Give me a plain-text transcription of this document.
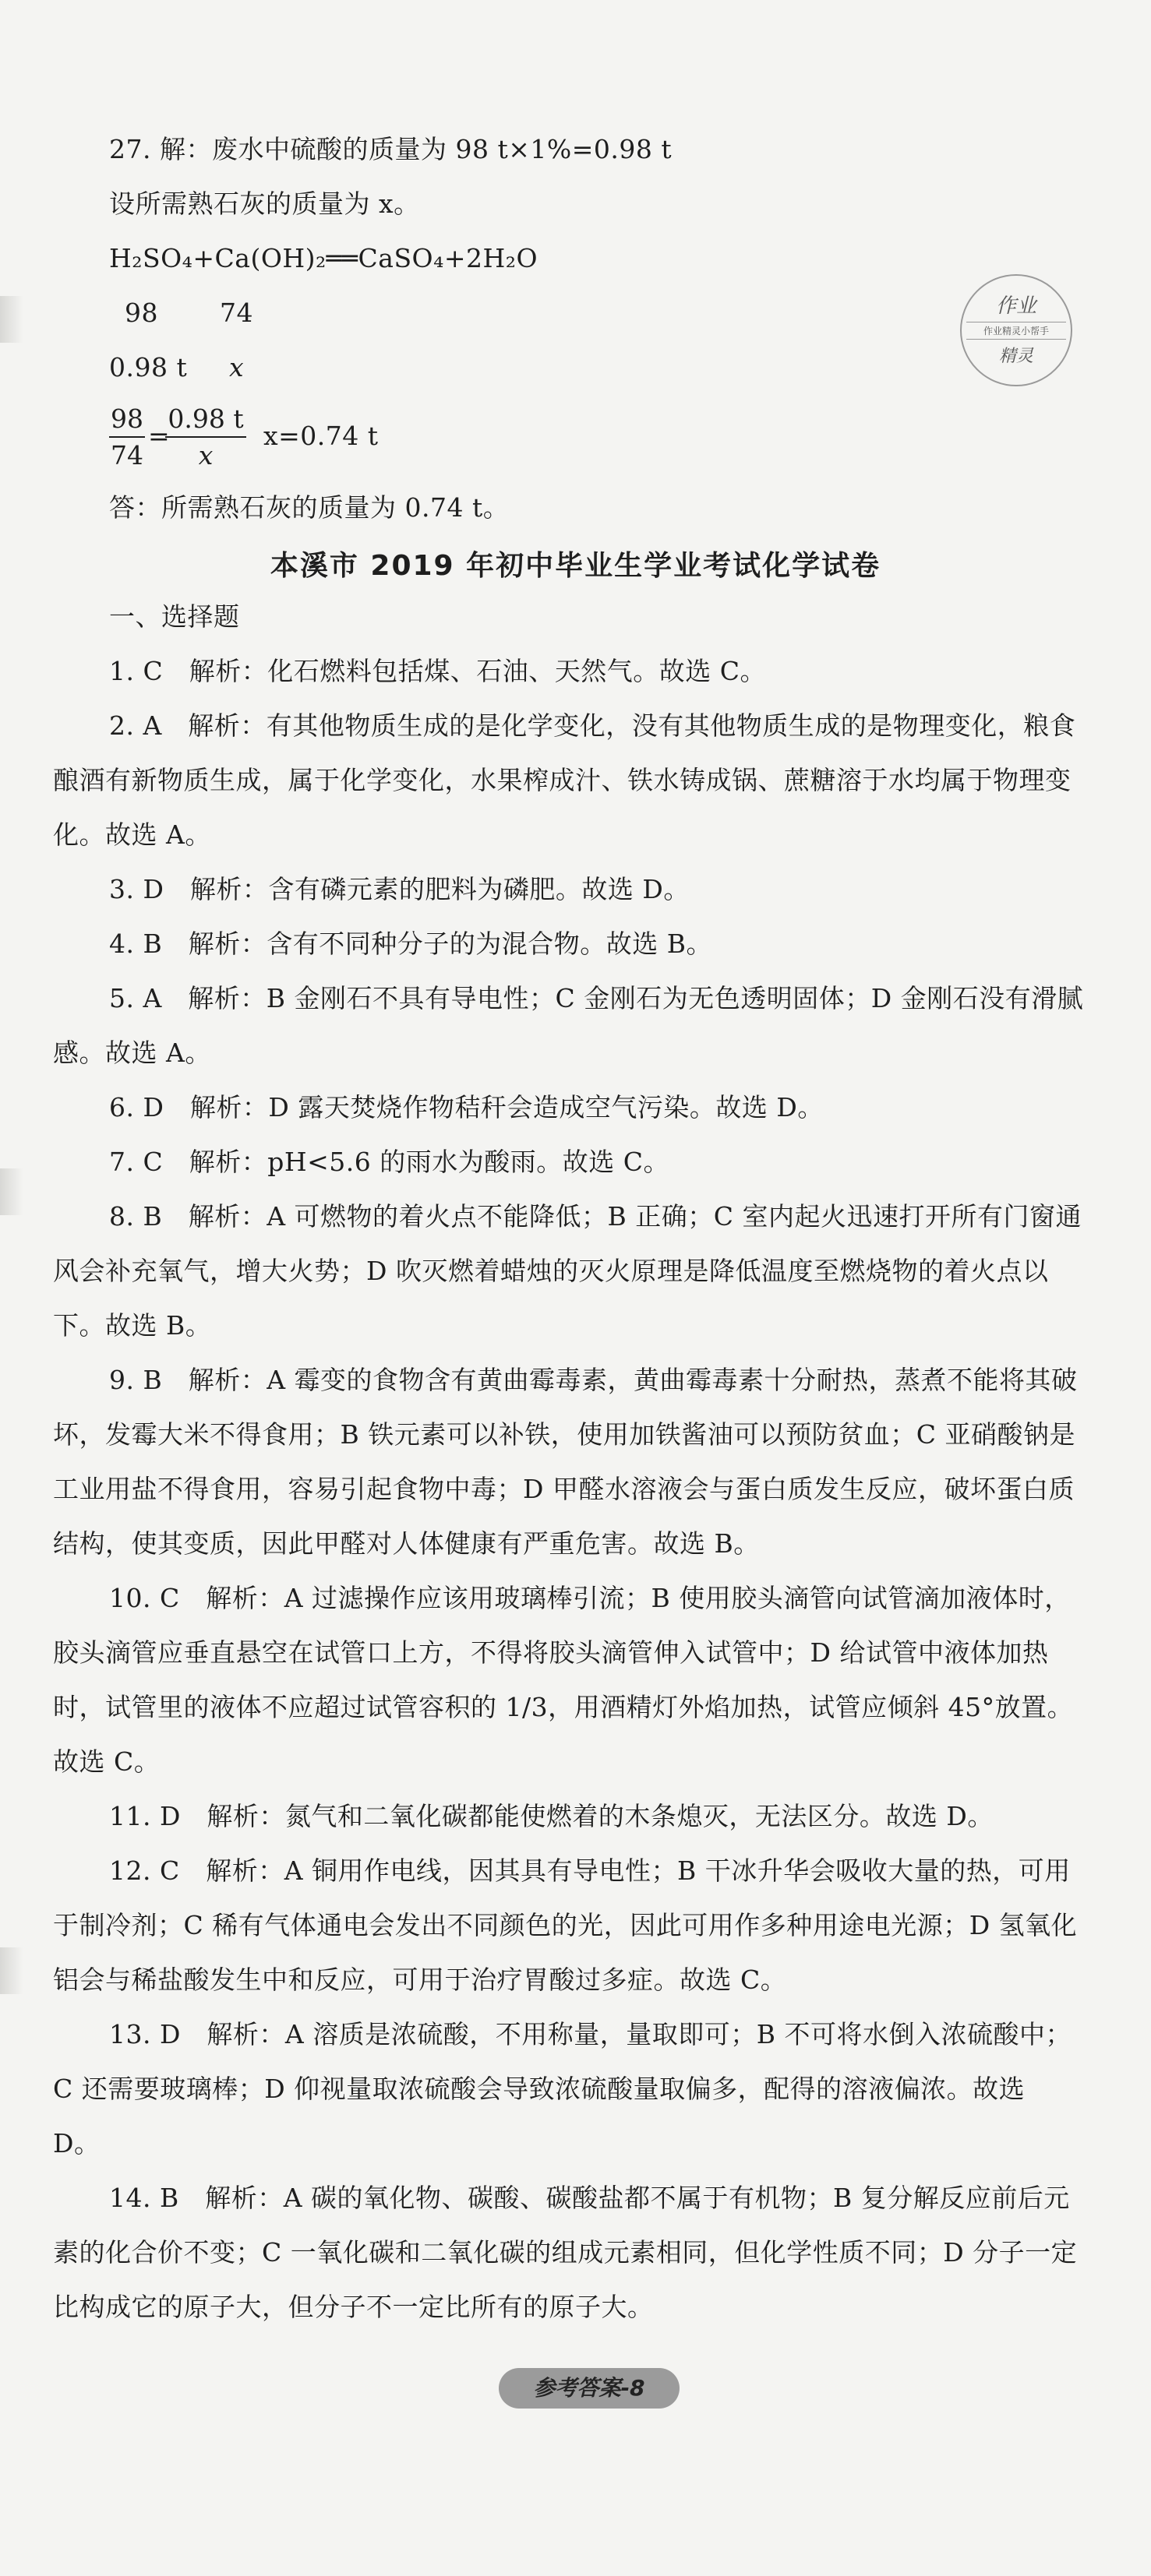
27. 解：废水中硫酸的质量为 98 t×1%=0.98 t
设所需熟石灰的质量为 x。
H₂SO₄+Ca(OH)₂══CaSO₄+2H₂O
98 74
0.98 t x
98
74
=
0.98 t
x
x=0.74 t
答：所需熟石灰的质量为 0.74 t。
作业
作业精灵小帮手
精灵
本溪市 2019 年初中毕业生学业考试化学试卷
一、选择题
1. C　解析：化石燃料包括煤、石油、天然气。故选 C。
2. A　解析：有其他物质生成的是化学变化，没有其他物质生成的是物理变化，粮食
酿酒有新物质生成，属于化学变化，水果榨成汁、铁水铸成锅、蔗糖溶于水均属于物理变
化。故选 A。
3. D　解析：含有磷元素的肥料为磷肥。故选 D。
4. B　解析：含有不同种分子的为混合物。故选 B。
5. A　解析：B 金刚石不具有导电性；C 金刚石为无色透明固体；D 金刚石没有滑腻
感。故选 A。
6. D　解析：D 露天焚烧作物秸秆会造成空气污染。故选 D。
7. C　解析：pH<5.6 的雨水为酸雨。故选 C。
8. B　解析：A 可燃物的着火点不能降低；B 正确；C 室内起火迅速打开所有门窗通
风会补充氧气，增大火势；D 吹灭燃着蜡烛的灭火原理是降低温度至燃烧物的着火点以
下。故选 B。
9. B　解析：A 霉变的食物含有黄曲霉毒素，黄曲霉毒素十分耐热，蒸煮不能将其破
坏，发霉大米不得食用；B 铁元素可以补铁，使用加铁酱油可以预防贫血；C 亚硝酸钠是
工业用盐不得食用，容易引起食物中毒；D 甲醛水溶液会与蛋白质发生反应，破坏蛋白质
结构，使其变质，因此甲醛对人体健康有严重危害。故选 B。
10. C　解析：A 过滤操作应该用玻璃棒引流；B 使用胶头滴管向试管滴加液体时，
胶头滴管应垂直悬空在试管口上方，不得将胶头滴管伸入试管中；D 给试管中液体加热
时，试管里的液体不应超过试管容积的 1/3，用酒精灯外焰加热，试管应倾斜 45°放置。
故选 C。
11. D　解析：氮气和二氧化碳都能使燃着的木条熄灭，无法区分。故选 D。
12. C　解析：A 铜用作电线，因其具有导电性；B 干冰升华会吸收大量的热，可用
于制冷剂；C 稀有气体通电会发出不同颜色的光，因此可用作多种用途电光源；D 氢氧化
铝会与稀盐酸发生中和反应，可用于治疗胃酸过多症。故选 C。
13. D　解析：A 溶质是浓硫酸，不用称量，量取即可；B 不可将水倒入浓硫酸中；
C 还需要玻璃棒；D 仰视量取浓硫酸会导致浓硫酸量取偏多，配得的溶液偏浓。故选
D。
14. B　解析：A 碳的氧化物、碳酸、碳酸盐都不属于有机物；B 复分解反应前后元
素的化合价不变；C 一氧化碳和二氧化碳的组成元素相同，但化学性质不同；D 分子一定
比构成它的原子大，但分子不一定比所有的原子大。
参考答案-8
